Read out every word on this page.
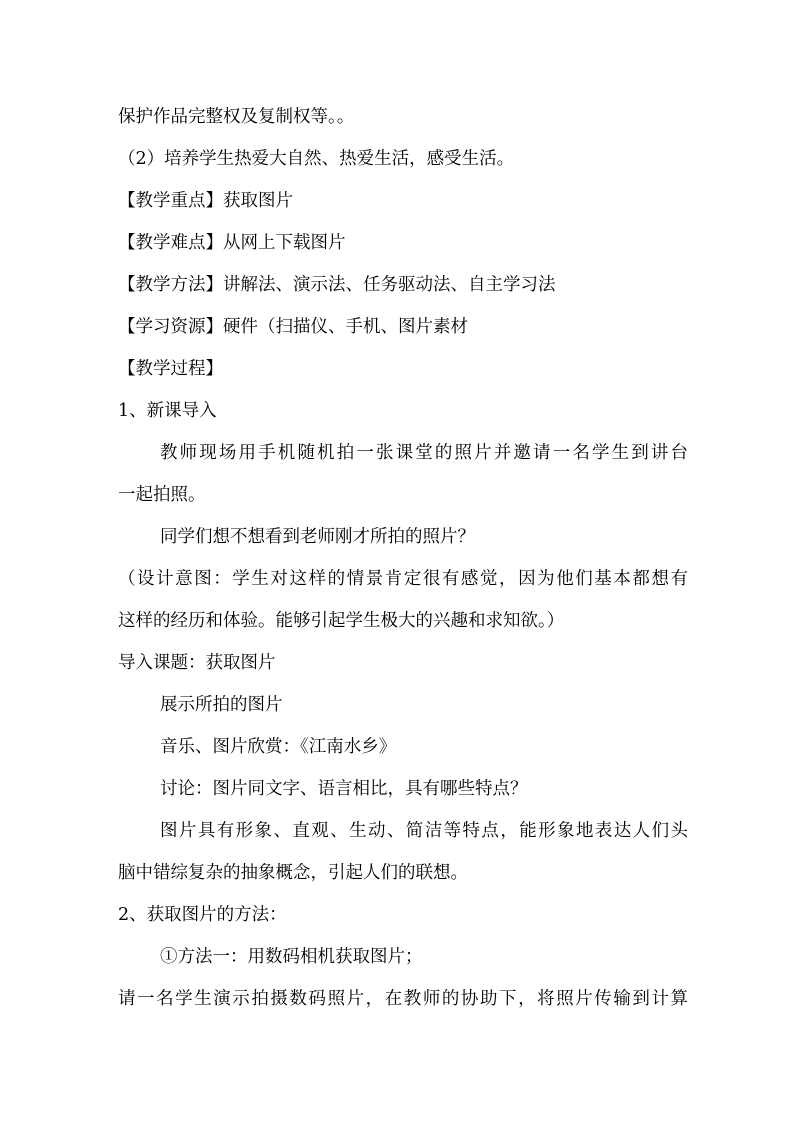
保护作品完整权及复制权等。。
（2）培养学生热爱大自然、热爱生活，感受生活。
【教学重点】获取图片
【教学难点】从网上下载图片
【教学方法】讲解法、演示法、任务驱动法、自主学习法
【学习资源】硬件（扫描仪、手机、图片素材
【教学过程】
1、新课导入
教师现场用手机随机拍一张课堂的照片并邀请一名学生到讲台
一起拍照。
同学们想不想看到老师刚才所拍的照片？
（设计意图：学生对这样的情景肯定很有感觉，因为他们基本都想有
这样的经历和体验。能够引起学生极大的兴趣和求知欲。）
导入课题：获取图片
展示所拍的图片
音乐、图片欣赏：《江南水乡》
讨论：图片同文字、语言相比，具有哪些特点？
图片具有形象、直观、生动、简洁等特点，能形象地表达人们头
脑中错综复杂的抽象概念，引起人们的联想。
2、获取图片的方法：
①方法一：用数码相机获取图片；
请一名学生演示拍摄数码照片，在教师的协助下，将照片传输到计算
